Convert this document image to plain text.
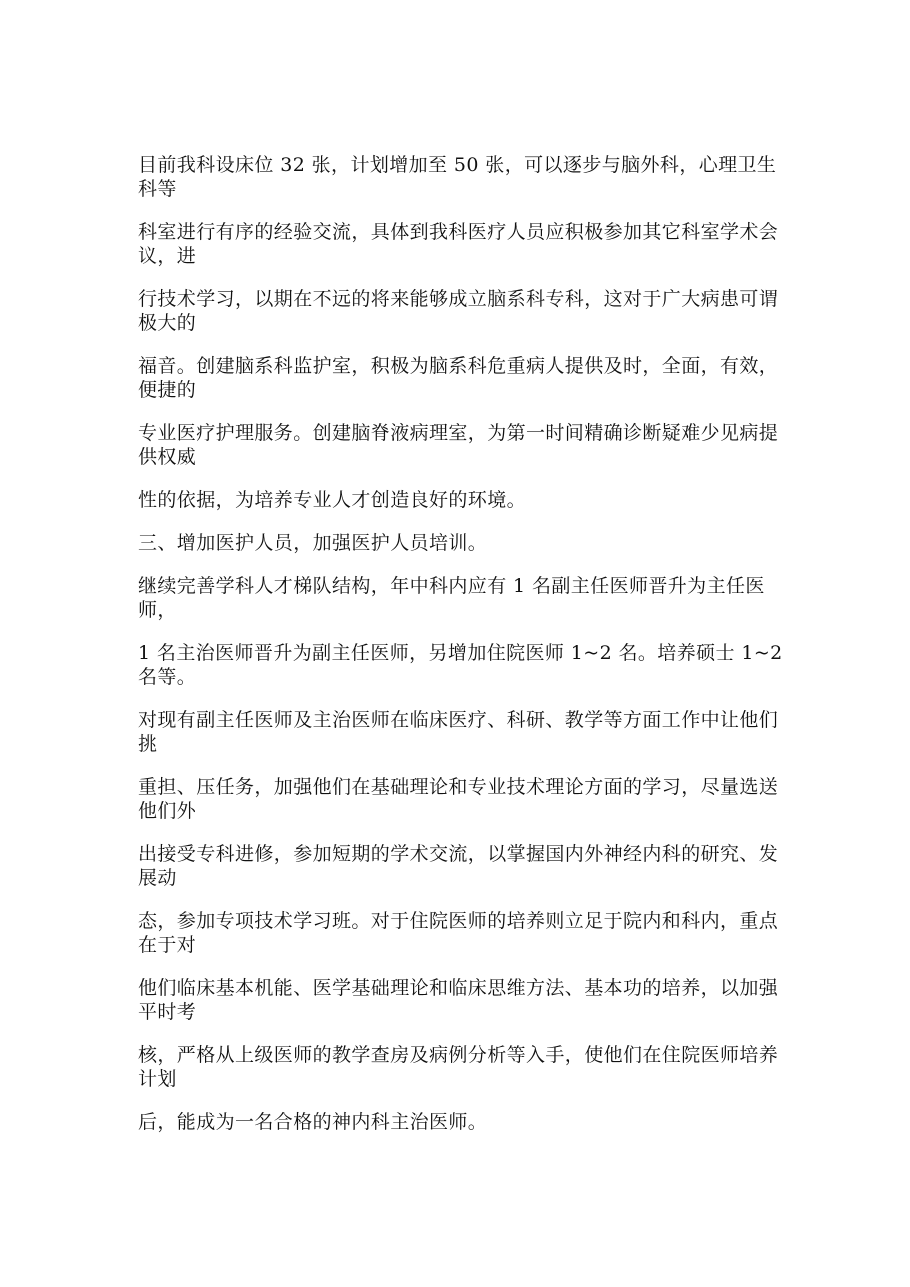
目前我科设床位 32 张，计划增加至 50 张，可以逐步与脑外科，心理卫生科等

科室进行有序的经验交流，具体到我科医疗人员应积极参加其它科室学术会议，进

行技术学习，以期在不远的将来能够成立脑系科专科，这对于广大病患可谓极大的

福音。创建脑系科监护室，积极为脑系科危重病人提供及时，全面，有效，便捷的

专业医疗护理服务。创建脑脊液病理室，为第一时间精确诊断疑难少见病提供权威

性的依据，为培养专业人才创造良好的环境。

三、增加医护人员，加强医护人员培训。

继续完善学科人才梯队结构，年中科内应有 1 名副主任医师晋升为主任医师，

1 名主治医师晋升为副主任医师，另增加住院医师 1~2 名。培养硕士 1~2 名等。

对现有副主任医师及主治医师在临床医疗、科研、教学等方面工作中让他们挑

重担、压任务，加强他们在基础理论和专业技术理论方面的学习，尽量选送他们外

出接受专科进修，参加短期的学术交流，以掌握国内外神经内科的研究、发展动

态，参加专项技术学习班。对于住院医师的培养则立足于院内和科内，重点在于对

他们临床基本机能、医学基础理论和临床思维方法、基本功的培养，以加强平时考

核，严格从上级医师的教学查房及病例分析等入手，使他们在住院医师培养计划

后，能成为一名合格的神内科主治医师。
